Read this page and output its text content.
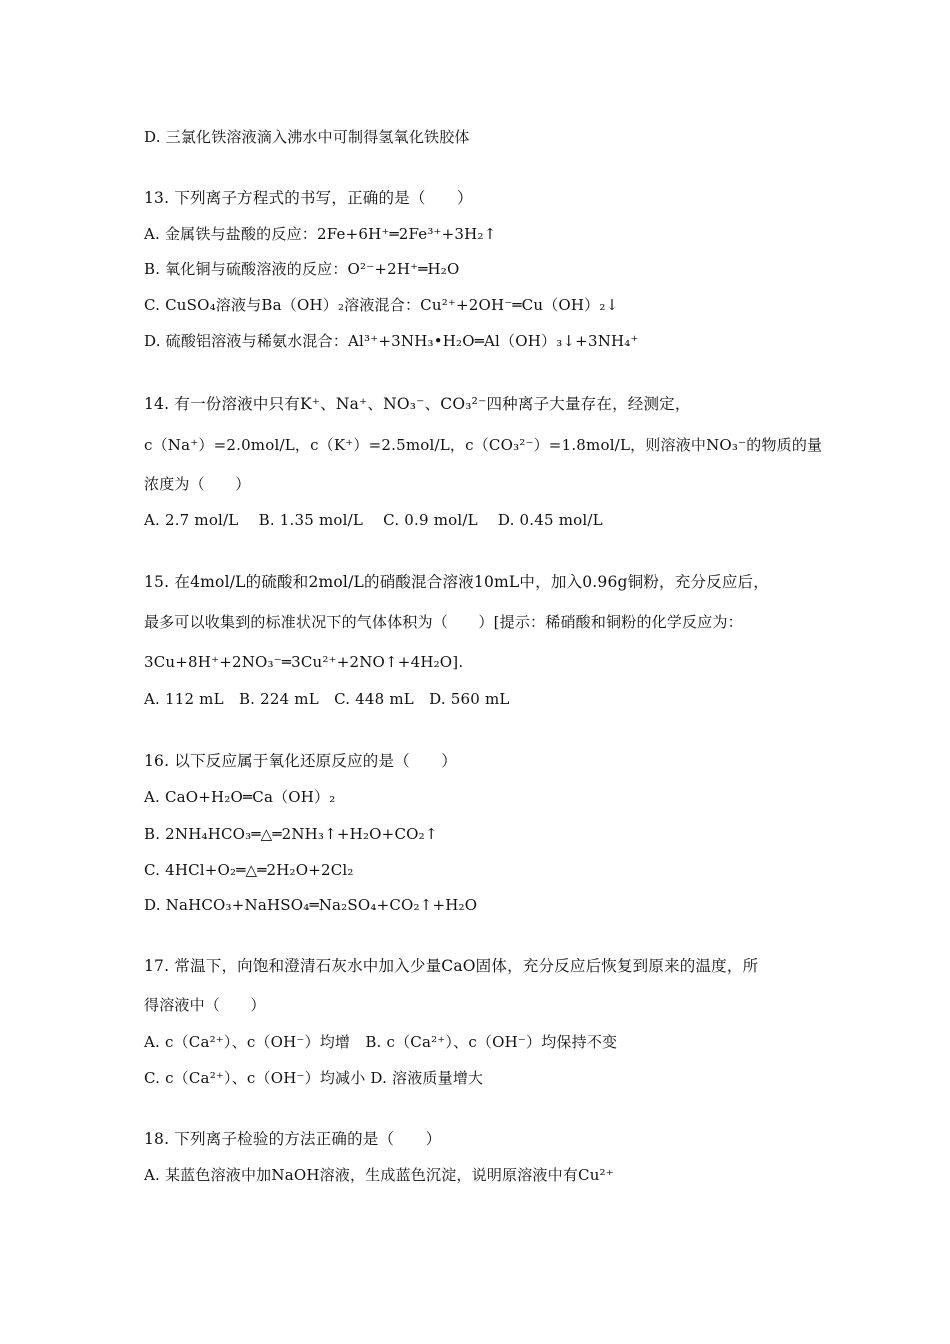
D. 三氯化铁溶液滴入沸水中可制得氢氧化铁胶体
13. 下列离子方程式的书写，正确的是（　　）
A. 金属铁与盐酸的反应：2Fe+6H⁺═2Fe³⁺+3H₂↑
B. 氧化铜与硫酸溶液的反应：O²⁻+2H⁺═H₂O
C. CuSO₄溶液与Ba（OH）₂溶液混合：Cu²⁺+2OH⁻═Cu（OH）₂↓
D. 硫酸铝溶液与稀氨水混合：Al³⁺+3NH₃•H₂O═Al（OH）₃↓+3NH₄⁺
14. 有一份溶液中只有K⁺、Na⁺、NO₃⁻、CO₃²⁻四种离子大量存在，经测定，
c（Na⁺）=2.0mol/L，c（K⁺）=2.5mol/L，c（CO₃²⁻）=1.8mol/L，则溶液中NO₃⁻的物质的量
浓度为（　　）
A. 2.7 mol/L　 B. 1.35 mol/L　 C. 0.9 mol/L　 D. 0.45 mol/L
15. 在4mol/L的硫酸和2mol/L的硝酸混合溶液10mL中，加入0.96g铜粉，充分反应后，
最多可以收集到的标准状况下的气体体积为（　　）[提示：稀硝酸和铜粉的化学反应为：
3Cu+8H⁺+2NO₃⁻═3Cu²⁺+2NO↑+4H₂O].
A. 112 mL　B. 224 mL　C. 448 mL　D. 560 mL
16. 以下反应属于氧化还原反应的是（　　）
A. CaO+H₂O═Ca（OH）₂
B. 2NH₄HCO₃═△═2NH₃↑+H₂O+CO₂↑
C. 4HCl+O₂═△═2H₂O+2Cl₂
D. NaHCO₃+NaHSO₄═Na₂SO₄+CO₂↑+H₂O
17. 常温下，向饱和澄清石灰水中加入少量CaO固体，充分反应后恢复到原来的温度，所
得溶液中（　　）
A. c（Ca²⁺）、c（OH⁻）均增　B. c（Ca²⁺）、c（OH⁻）均保持不变
C. c（Ca²⁺）、c（OH⁻）均减小 D. 溶液质量增大
18. 下列离子检验的方法正确的是（　　）
A. 某蓝色溶液中加NaOH溶液，生成蓝色沉淀，说明原溶液中有Cu²⁺
